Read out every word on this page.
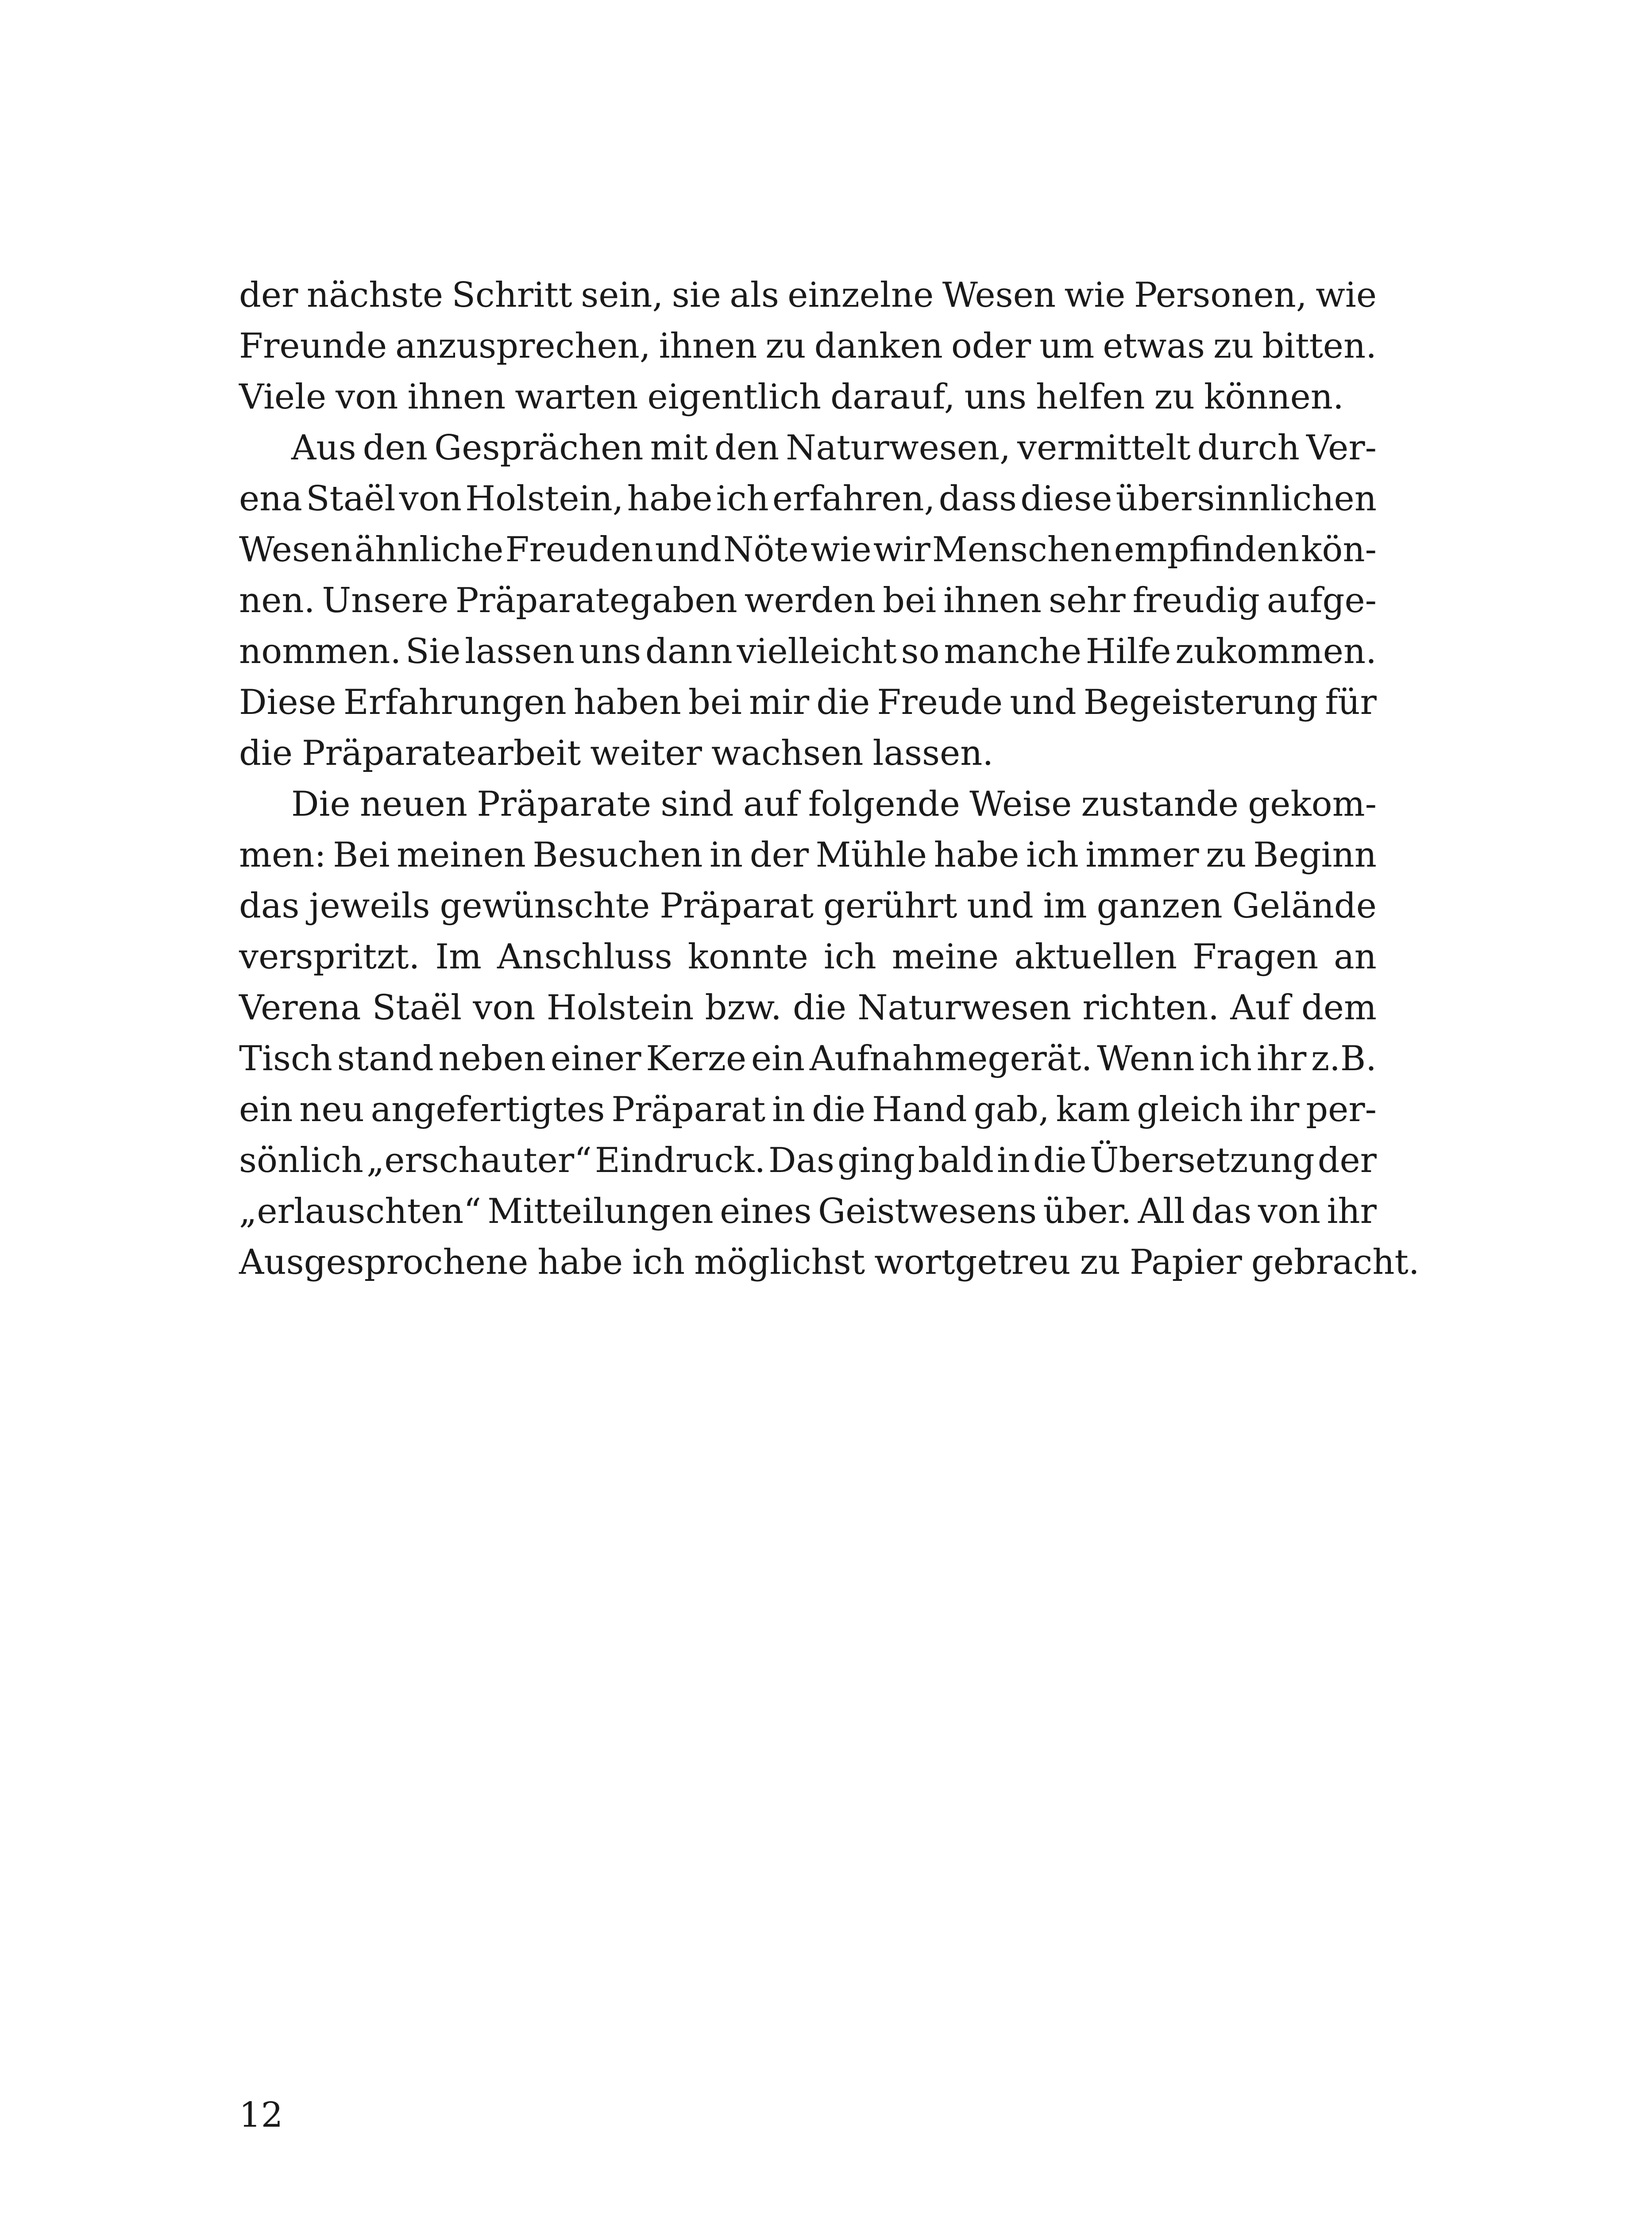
der nächste Schritt sein, sie als einzelne Wesen wie Personen, wie
Freunde anzusprechen, ihnen zu danken oder um etwas zu bitten.
Viele von ihnen warten eigentlich darauf, uns helfen zu können.
Aus den Gesprächen mit den Naturwesen, vermittelt durch Ver-
ena Staël von Holstein, habe ich erfahren, dass diese übersinnlichen
Wesen ähnliche Freuden und Nöte wie wir Menschen empfinden kön-
nen. Unsere Präparategaben werden bei ihnen sehr freudig aufge-
nommen. Sie lassen uns dann vielleicht so manche Hilfe zukommen.
Diese Erfahrungen haben bei mir die Freude und Begeisterung für
die Präparatearbeit weiter wachsen lassen.
Die neuen Präparate sind auf folgende Weise zustande gekom-
men: Bei meinen Besuchen in der Mühle habe ich immer zu Beginn
das jeweils gewünschte Präparat gerührt und im ganzen Gelände
verspritzt. Im Anschluss konnte ich meine aktuellen Fragen an
Verena Staël von Holstein bzw. die Naturwesen richten. Auf dem
Tisch stand neben einer Kerze ein Aufnahmegerät. Wenn ich ihr z.B.
ein neu angefertigtes Präparat in die Hand gab, kam gleich ihr per-
sönlich „erschauter“ Eindruck. Das ging bald in die Übersetzung der
„erlauschten“ Mitteilungen eines Geistwesens über. All das von ihr
Ausgesprochene habe ich möglichst wortgetreu zu Papier gebracht.
12
